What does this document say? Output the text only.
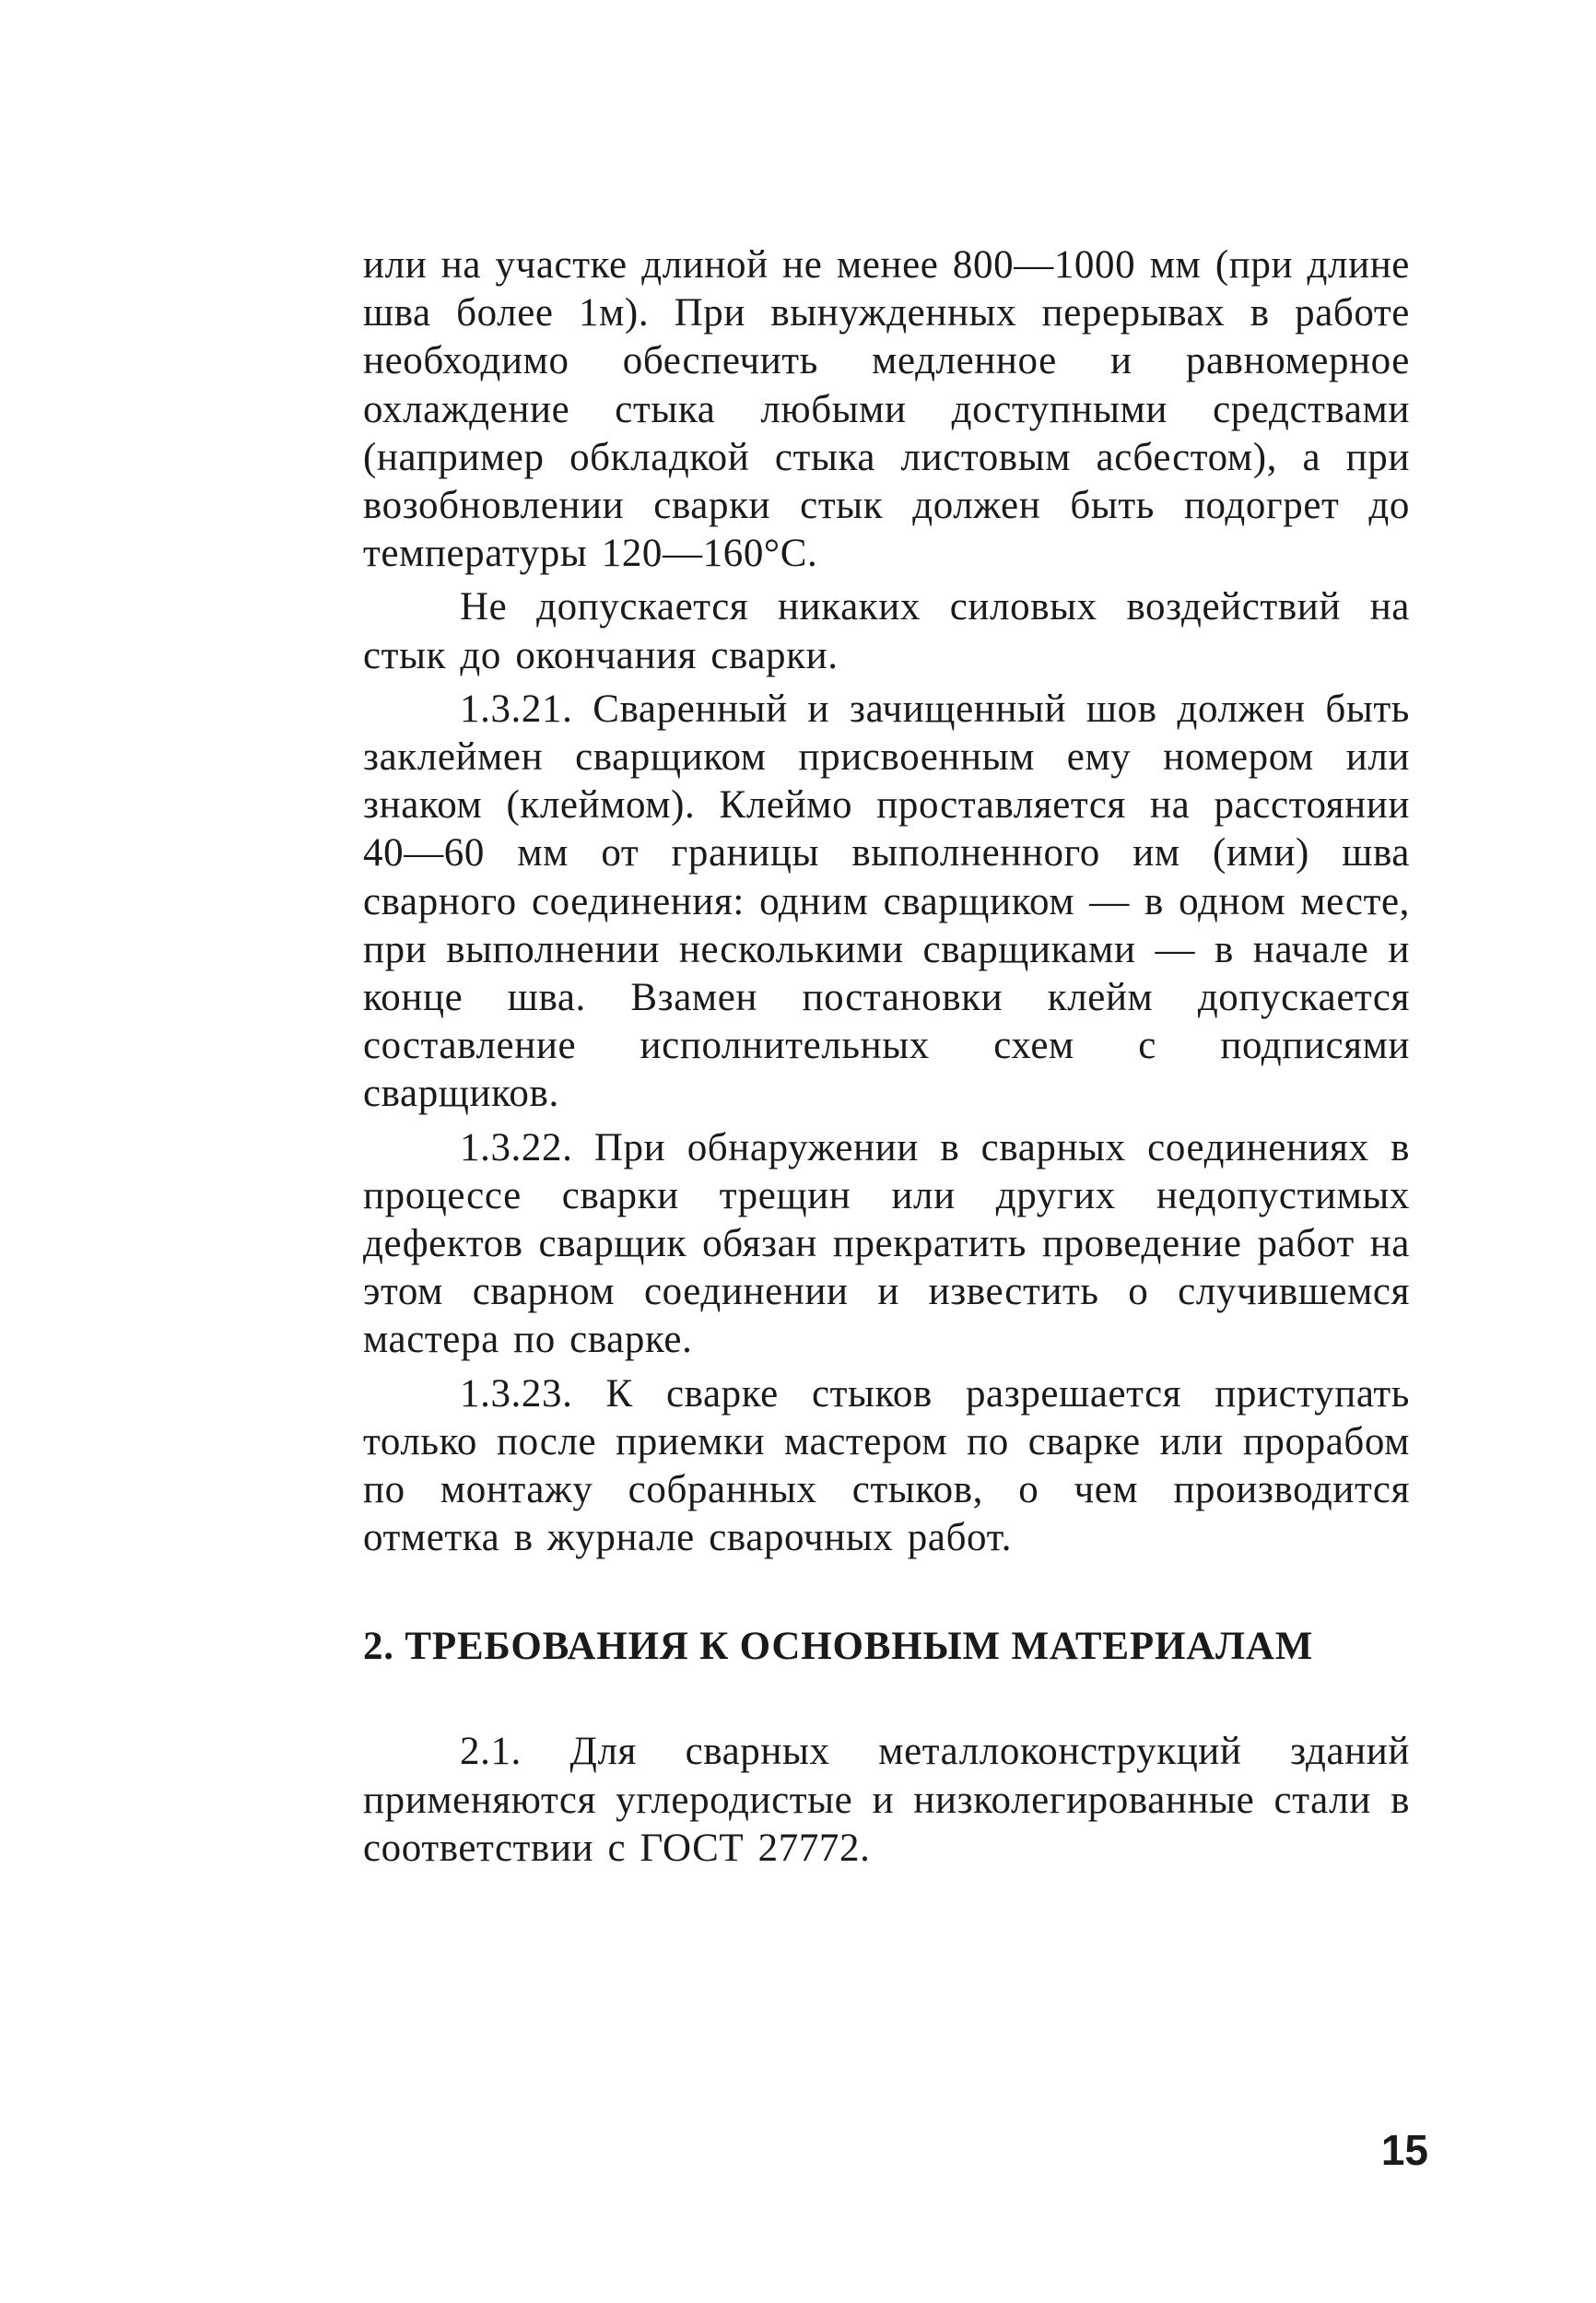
или на участке длиной не менее 800—1000 мм (при длине шва более 1м). При вынужденных перерывах в работе необходимо обеспечить медленное и равномерное охлаждение стыка любыми доступными средствами (например обкладкой стыка листовым асбестом), а при возобновлении сварки стык должен быть подогрет до температуры 120—160°С.

Не допускается никаких силовых воздействий на стык до окончания сварки.

1.3.21. Сваренный и зачищенный шов должен быть заклеймен сварщиком присвоенным ему номером или знаком (клеймом). Клеймо проставляется на расстоянии 40—60 мм от границы выполненного им (ими) шва сварного соединения: одним сварщиком — в одном месте, при выполнении несколькими сварщиками — в начале и конце шва. Взамен постановки клейм допускается составление исполнительных схем с подписями сварщиков.

1.3.22. При обнаружении в сварных соединениях в процессе сварки трещин или других недопустимых дефектов сварщик обязан прекратить проведение работ на этом сварном соединении и известить о случившемся мастера по сварке.

1.3.23. К сварке стыков разрешается приступать только после приемки мастером по сварке или прорабом по монтажу собранных стыков, о чем производится отметка в журнале сварочных работ.

2. ТРЕБОВАНИЯ К ОСНОВНЫМ МАТЕРИАЛАМ

2.1. Для сварных металлоконструкций зданий применяются углеродистые и низколегированные стали в соответствии с ГОСТ 27772.

15
